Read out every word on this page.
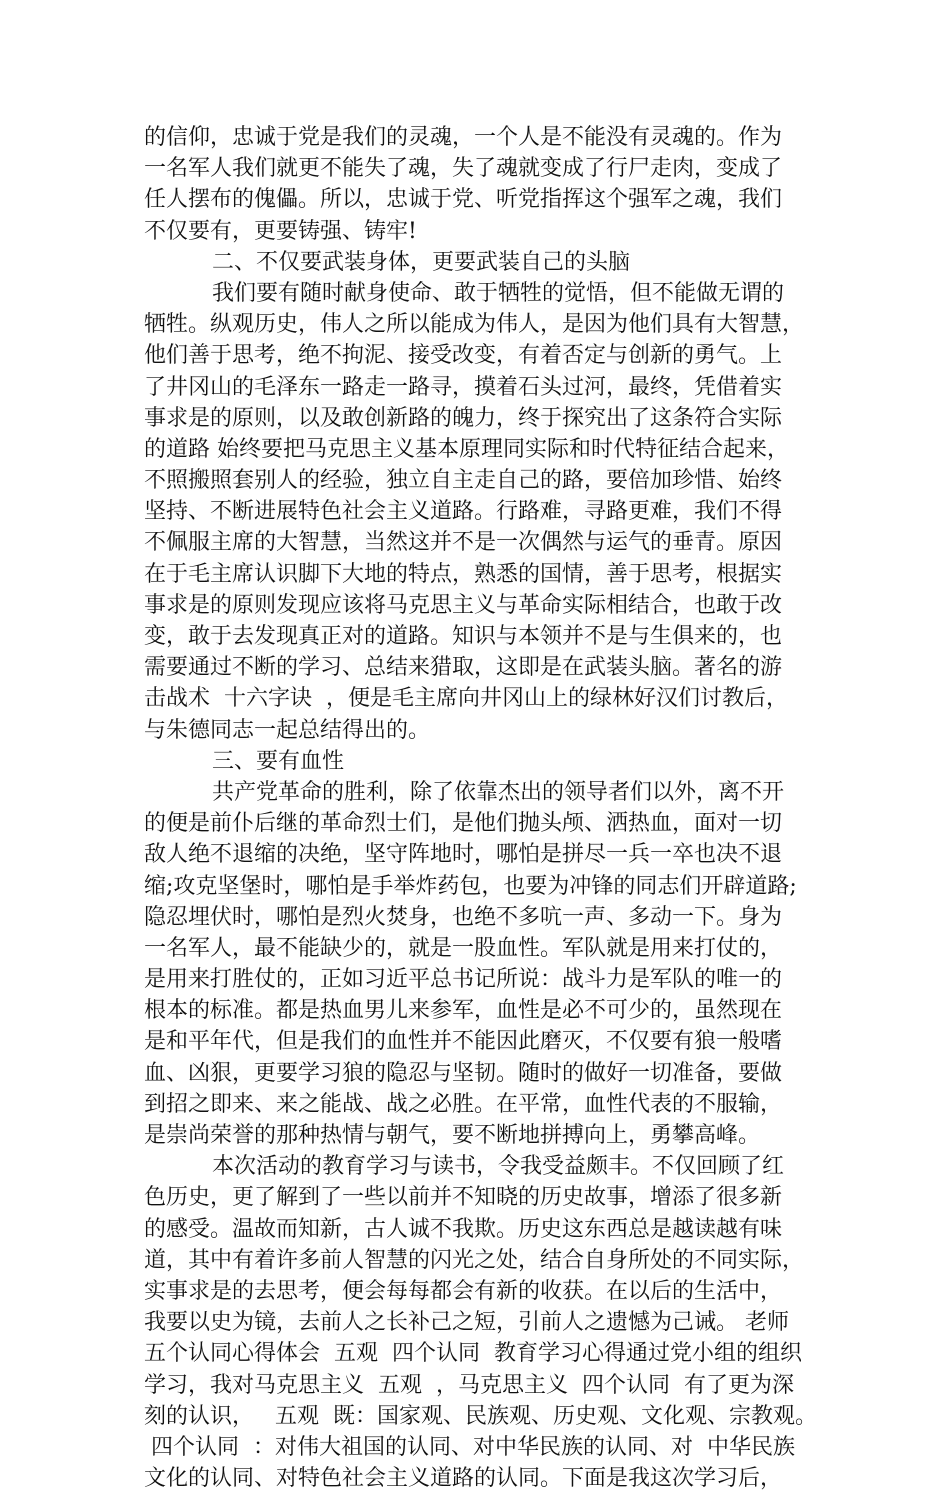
的信仰，忠诚于党是我们的灵魂，一个人是不能没有灵魂的。作为
一名军人我们就更不能失了魂，失了魂就变成了行尸走肉，变成了
任人摆布的傀儡。所以，忠诚于党、听党指挥这个强军之魂，我们
不仅要有，更要铸强、铸牢!
二、不仅要武装身体，更要武装自己的头脑
我们要有随时献身使命、敢于牺牲的觉悟，但不能做无谓的
牺牲。纵观历史，伟人之所以能成为伟人，是因为他们具有大智慧，
他们善于思考，绝不拘泥、接受改变，有着否定与创新的勇气。上
了井冈山的毛泽东一路走一路寻，摸着石头过河，最终，凭借着实
事求是的原则，以及敢创新路的魄力，终于探究出了这条符合实际
的道路 始终要把马克思主义基本原理同实际和时代特征结合起来，
不照搬照套别人的经验，独立自主走自己的路，要倍加珍惜、始终
坚持、不断进展特色社会主义道路。行路难，寻路更难，我们不得
不佩服主席的大智慧，当然这并不是一次偶然与运气的垂青。原因
在于毛主席认识脚下大地的特点，熟悉的国情，善于思考，根据实
事求是的原则发现应该将马克思主义与革命实际相结合，也敢于改
变，敢于去发现真正对的道路。知识与本领并不是与生俱来的，也
需要通过不断的学习、总结来猎取，这即是在武装头脑。著名的游
击战术  十六字诀  ，便是毛主席向井冈山上的绿林好汉们讨教后，
与朱德同志一起总结得出的。
三、要有血性
共产党革命的胜利，除了依靠杰出的领导者们以外，离不开
的便是前仆后继的革命烈士们，是他们抛头颅、洒热血，面对一切
敌人绝不退缩的决绝，坚守阵地时，哪怕是拼尽一兵一卒也决不退
缩;攻克坚堡时，哪怕是手举炸药包，也要为冲锋的同志们开辟道路;
隐忍埋伏时，哪怕是烈火焚身，也绝不多吭一声、多动一下。身为
一名军人，最不能缺少的，就是一股血性。军队就是用来打仗的，
是用来打胜仗的，正如习近平总书记所说：战斗力是军队的唯一的
根本的标准。都是热血男儿来参军，血性是必不可少的，虽然现在
是和平年代，但是我们的血性并不能因此磨灭，不仅要有狼一般嗜
血、凶狠，更要学习狼的隐忍与坚韧。随时的做好一切准备，要做
到招之即来、来之能战、战之必胜。在平常，血性代表的不服输，
是崇尚荣誉的那种热情与朝气，要不断地拼搏向上，勇攀高峰。
本次活动的教育学习与读书，令我受益颇丰。不仅回顾了红
色历史，更了解到了一些以前并不知晓的历史故事，增添了很多新
的感受。温故而知新，古人诚不我欺。历史这东西总是越读越有味
道，其中有着许多前人智慧的闪光之处，结合自身所处的不同实际，
实事求是的去思考，便会每每都会有新的收获。在以后的生活中，
我要以史为镜，去前人之长补己之短，引前人之遗憾为己诫。 老师
五个认同心得体会  五观  四个认同  教育学习心得通过党小组的组织
学习，我对马克思主义  五观  ，马克思主义  四个认同  有了更为深
刻的认识，   五观  既：国家观、民族观、历史观、文化观、宗教观。
四个认同  ：对伟大祖国的认同、对中华民族的认同、对  中华民族
文化的认同、对特色社会主义道路的认同。下面是我这次学习后，
